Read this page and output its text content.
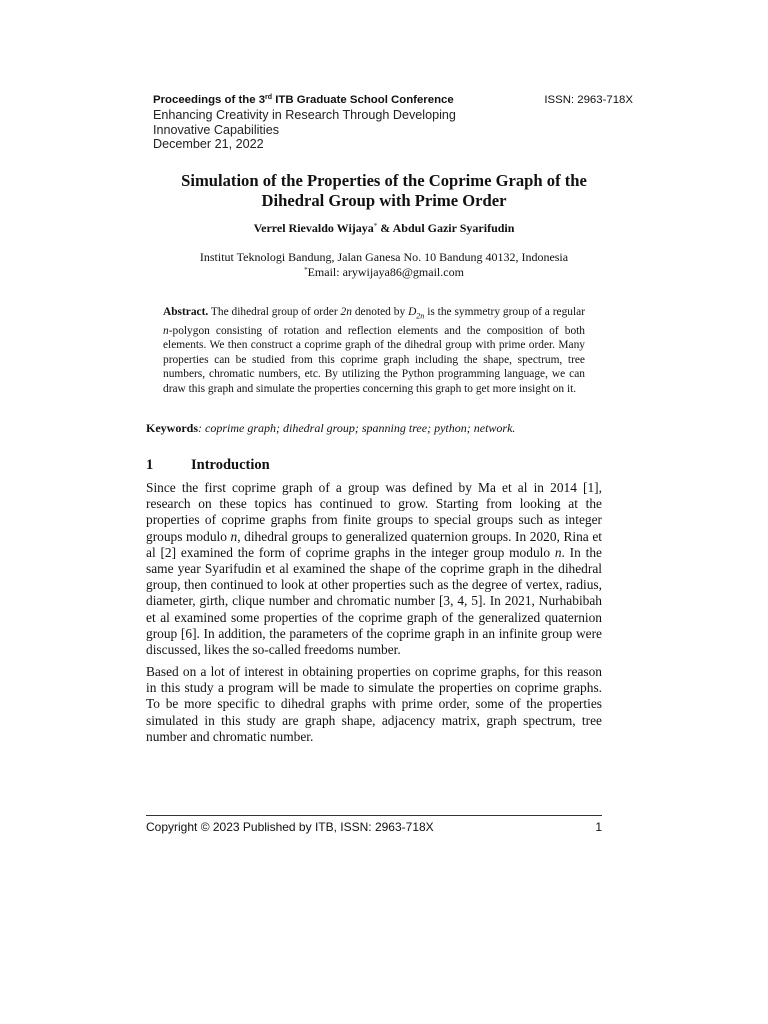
Proceedings of the 3rd ITB Graduate School Conference	ISSN: 2963-718X
Enhancing Creativity in Research Through Developing
Innovative Capabilities
December 21, 2022
Simulation of the Properties of the Coprime Graph of the
Dihedral Group with Prime Order
Verrel Rievaldo Wijaya* & Abdul Gazir Syarifudin
Institut Teknologi Bandung, Jalan Ganesa No. 10 Bandung 40132, Indonesia
*Email: arywijaya86@gmail.com
Abstract. The dihedral group of order 2n denoted by $D_{2n}$ is the symmetry group of a regular n-polygon consisting of rotation and reflection elements and the composition of both elements. We then construct a coprime graph of the dihedral group with prime order. Many properties can be studied from this coprime graph including the shape, spectrum, tree numbers, chromatic numbers, etc. By utilizing the Python programming language, we can draw this graph and simulate the properties concerning this graph to get more insight on it.
Keywords: coprime graph; dihedral group; spanning tree; python; network.
1	Introduction
Since the first coprime graph of a group was defined by Ma et al in 2014 [1], research on these topics has continued to grow. Starting from looking at the properties of coprime graphs from finite groups to special groups such as integer groups modulo n, dihedral groups to generalized quaternion groups. In 2020, Rina et al [2] examined the form of coprime graphs in the integer group modulo n. In the same year Syarifudin et al examined the shape of the coprime graph in the dihedral group, then continued to look at other properties such as the degree of vertex, radius, diameter, girth, clique number and chromatic number [3, 4, 5]. In 2021, Nurhabibah et al examined some properties of the coprime graph of the generalized quaternion group [6]. In addition, the parameters of the coprime graph in an infinite group were discussed, likes the so-called freedoms number.
Based on a lot of interest in obtaining properties on coprime graphs, for this reason in this study a program will be made to simulate the properties on coprime graphs. To be more specific to dihedral graphs with prime order, some of the properties simulated in this study are graph shape, adjacency matrix, graph spectrum, tree number and chromatic number.
Copyright © 2023 Published by ITB, ISSN: 2963-718X	1
